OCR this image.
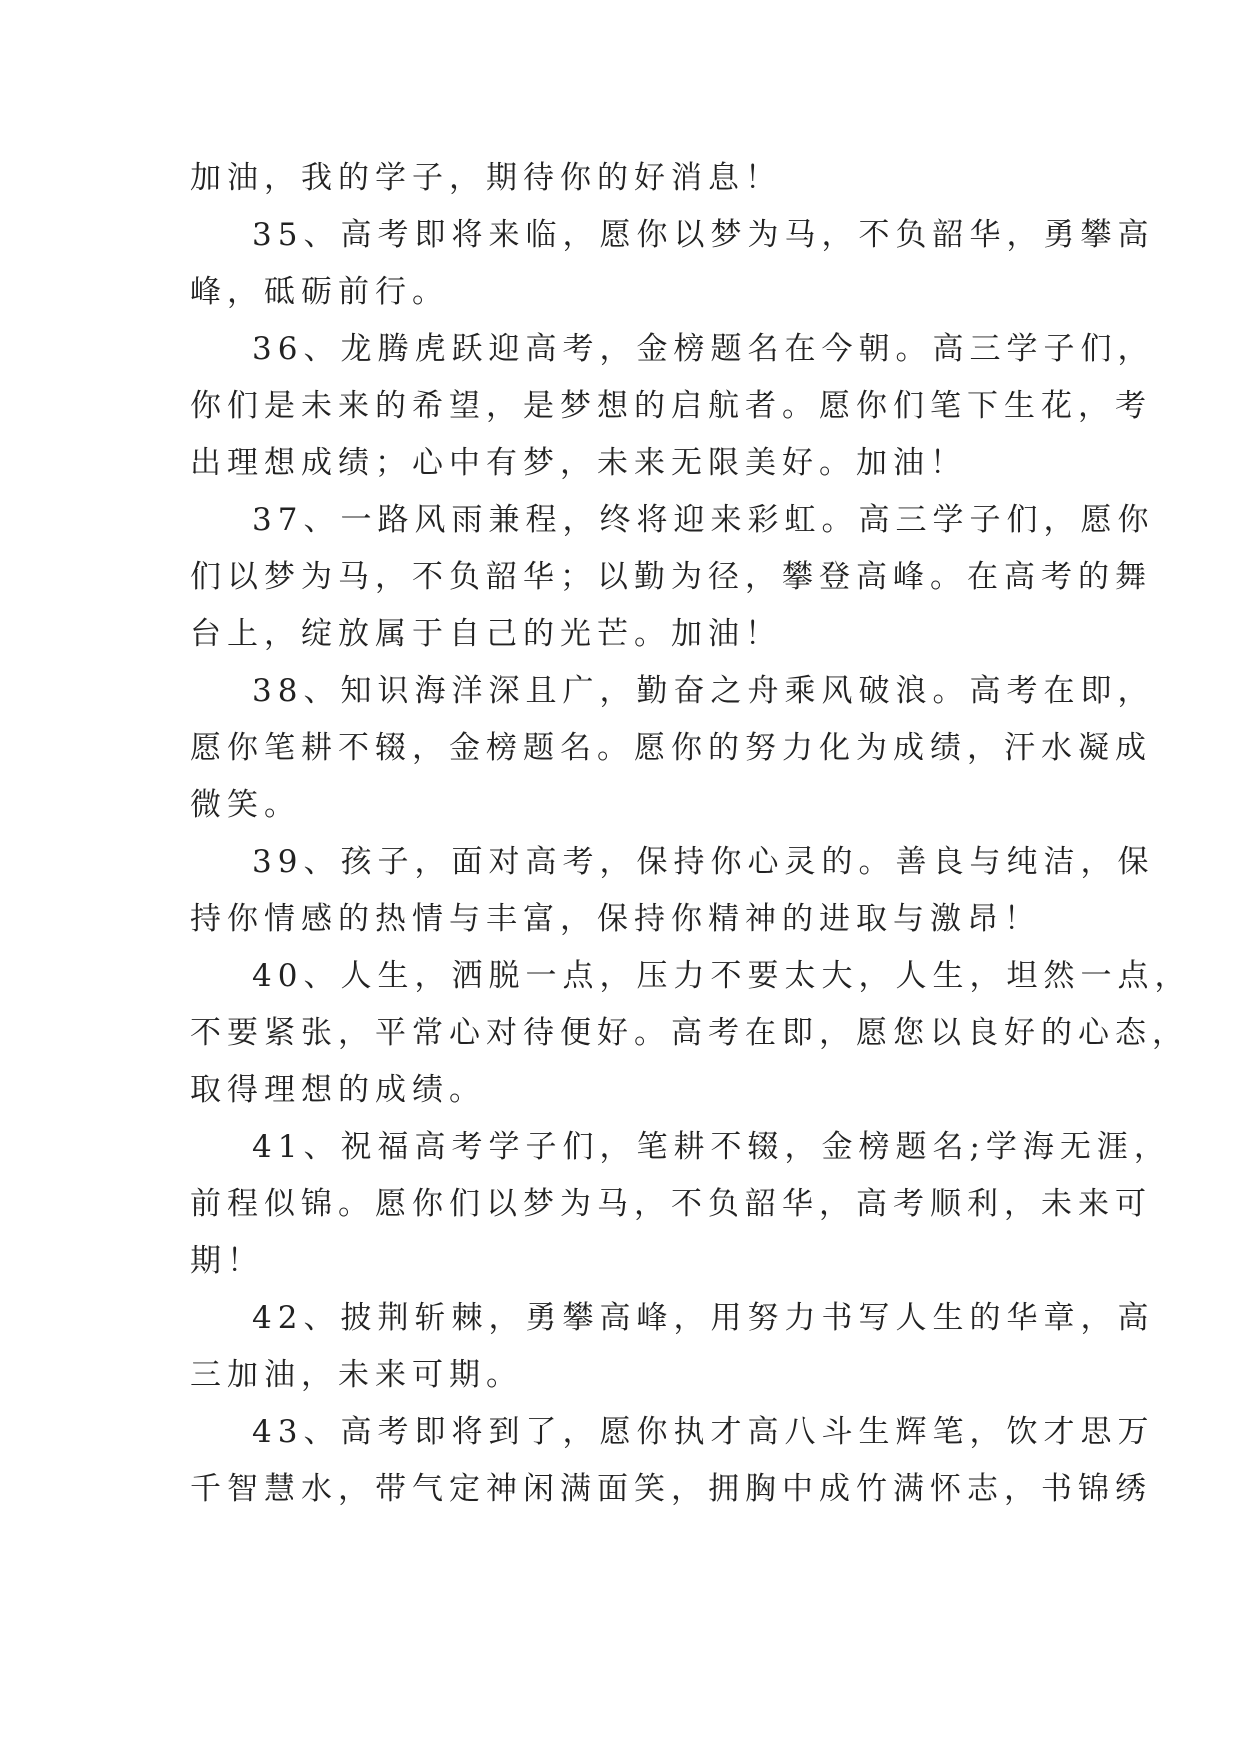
加油，我的学子，期待你的好消息！
35、高考即将来临，愿你以梦为马，不负韶华，勇攀高
峰，砥砺前行。
36、龙腾虎跃迎高考，金榜题名在今朝。高三学子们，
你们是未来的希望，是梦想的启航者。愿你们笔下生花，考
出理想成绩；心中有梦，未来无限美好。加油！
37、一路风雨兼程，终将迎来彩虹。高三学子们，愿你
们以梦为马，不负韶华；以勤为径，攀登高峰。在高考的舞
台上，绽放属于自己的光芒。加油！
38、知识海洋深且广，勤奋之舟乘风破浪。高考在即，
愿你笔耕不辍，金榜题名。愿你的努力化为成绩，汗水凝成
微笑。
39、孩子，面对高考，保持你心灵的。善良与纯洁，保
持你情感的热情与丰富，保持你精神的进取与激昂！
40、人生，洒脱一点，压力不要太大，人生，坦然一点，
不要紧张，平常心对待便好。高考在即，愿您以良好的心态，
取得理想的成绩。
41、祝福高考学子们，笔耕不辍，金榜题名;学海无涯，
前程似锦。愿你们以梦为马，不负韶华，高考顺利，未来可
期！
42、披荆斩棘，勇攀高峰，用努力书写人生的华章，高
三加油，未来可期。
43、高考即将到了，愿你执才高八斗生辉笔，饮才思万
千智慧水，带气定神闲满面笑，拥胸中成竹满怀志，书锦绣
